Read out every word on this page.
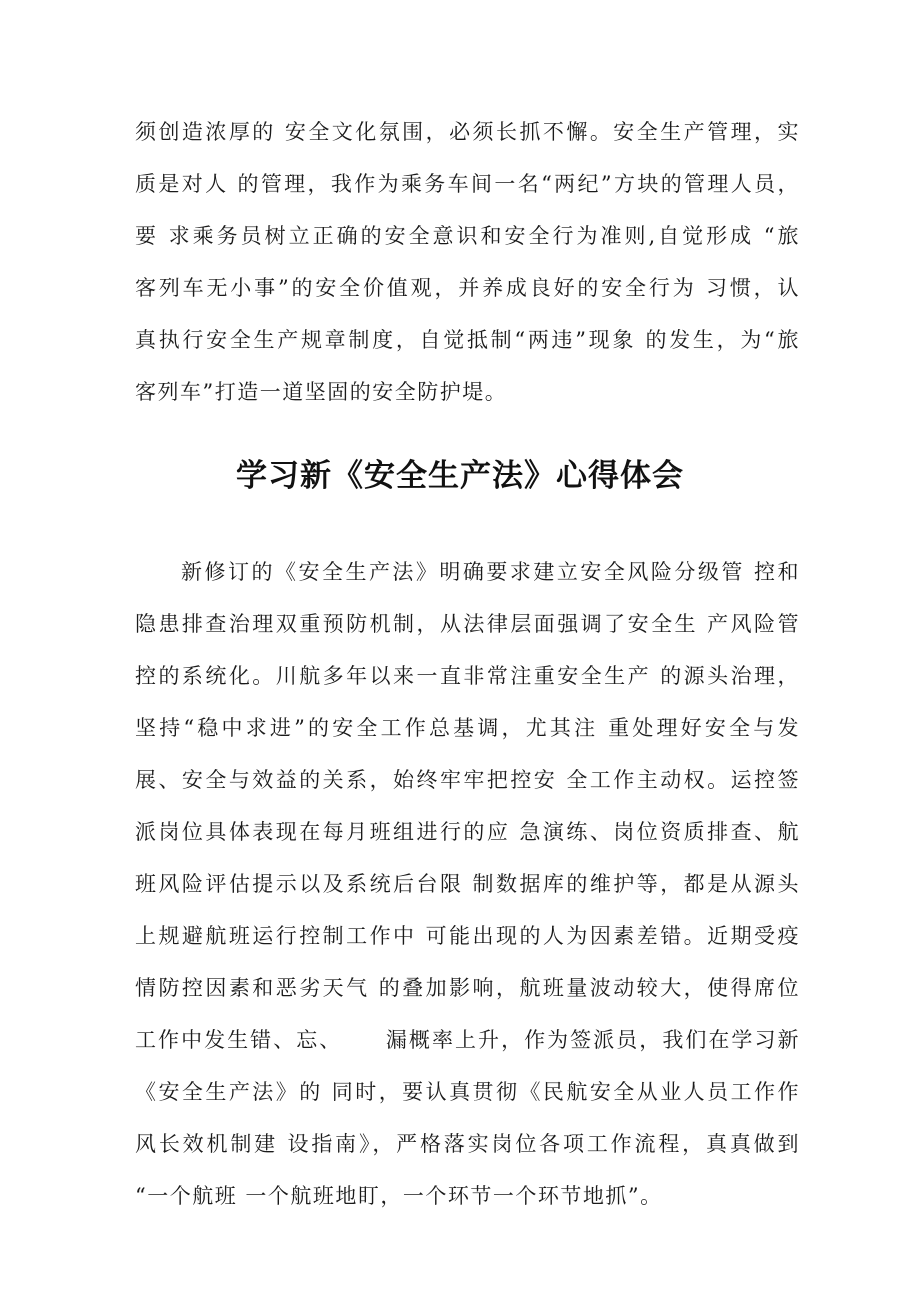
须创造浓厚的 安全文化氛围，必须长抓不懈。安全生产管理，实
质是对人 的管理，我作为乘务车间一名“两纪”方块的管理人员，
要 求乘务员树立正确的安全意识和安全行为准则,自觉形成 “旅
客列车无小事”的安全价值观，并养成良好的安全行为 习惯，认
真执行安全生产规章制度，自觉抵制“两违”现象 的发生，为“旅
客列车”打造一道坚固的安全防护堤。
学习新《安全生产法》心得体会
新修订的《安全生产法》明确要求建立安全风险分级管 控和
隐患排查治理双重预防机制，从法律层面强调了安全生 产风险管
控的系统化。川航多年以来一直非常注重安全生产 的源头治理，
坚持“稳中求进”的安全工作总基调，尤其注 重处理好安全与发
展、安全与效益的关系，始终牢牢把控安 全工作主动权。运控签
派岗位具体表现在每月班组进行的应 急演练、岗位资质排查、航
班风险评估提示以及系统后台限 制数据库的维护等，都是从源头
上规避航班运行控制工作中 可能出现的人为因素差错。近期受疫
情防控因素和恶劣天气 的叠加影响，航班量波动较大，使得席位
工作中发生错、忘、     漏概率上升，作为签派员，我们在学习新
《安全生产法》的 同时，要认真贯彻《民航安全从业人员工作作
风长效机制建 设指南》，严格落实岗位各项工作流程，真真做到
“一个航班 一个航班地盯，一个环节一个环节地抓”。
